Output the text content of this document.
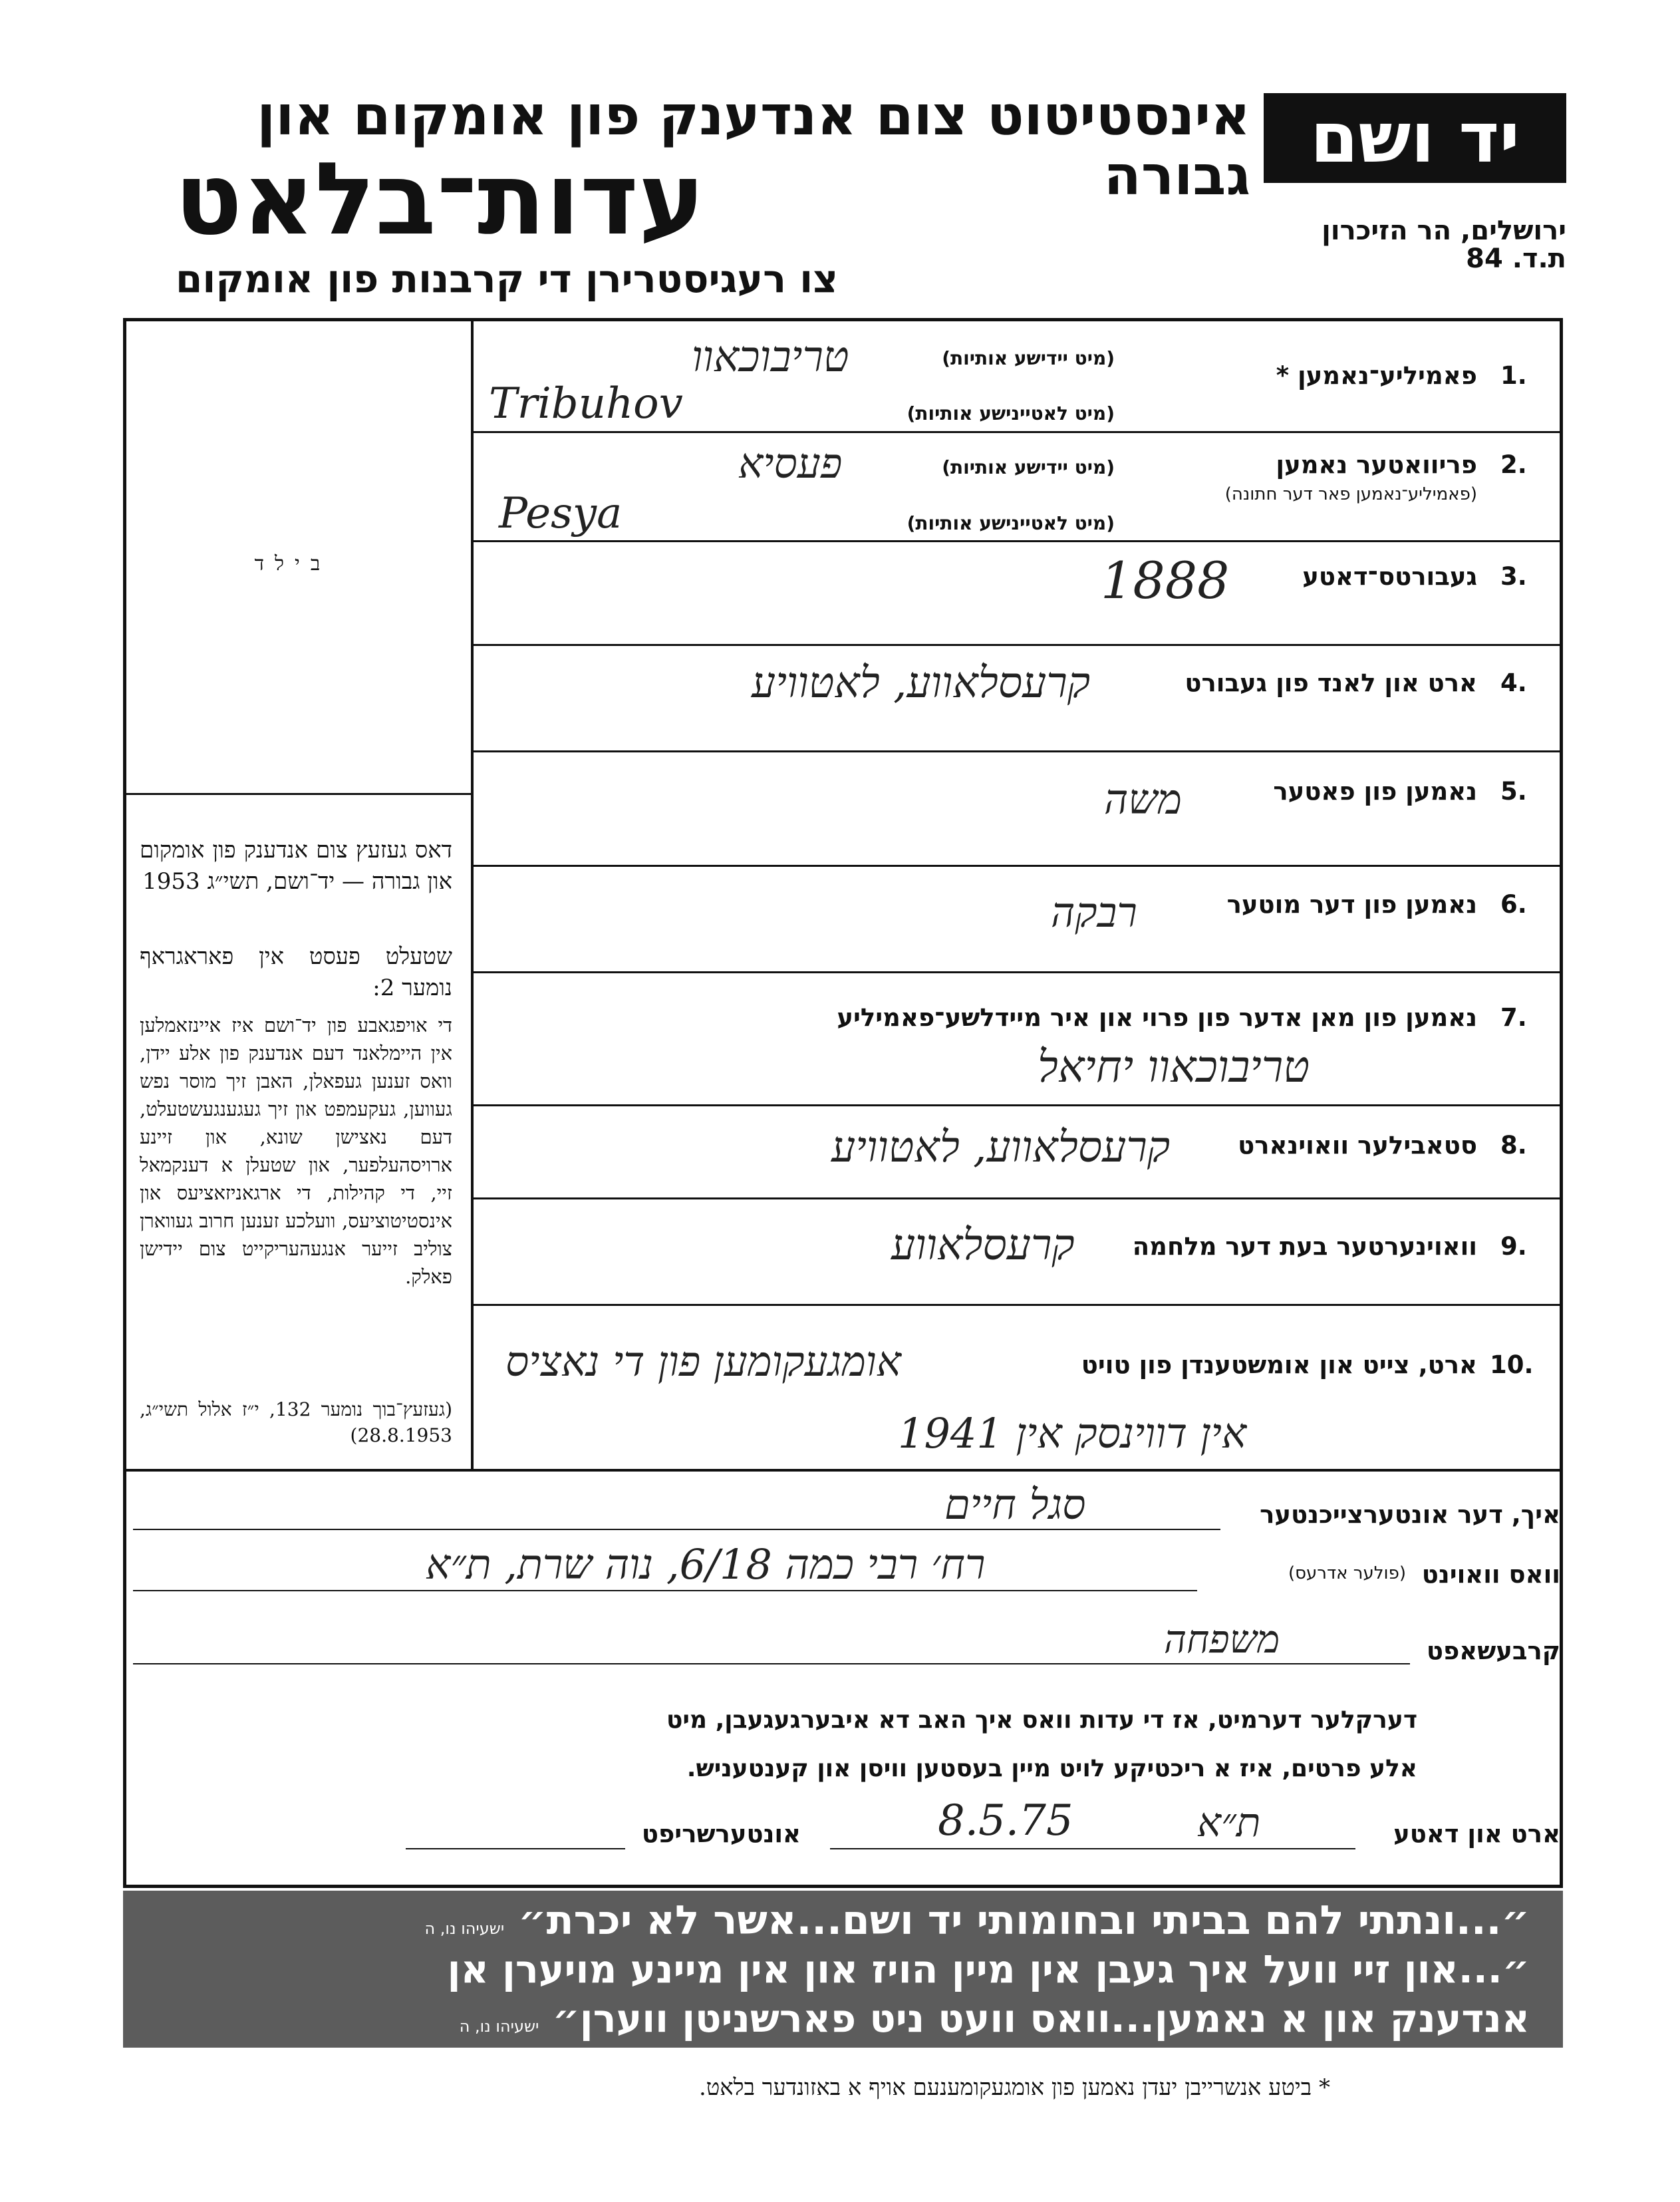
יד ושם
אינסטיטוט צום אנדענק פון אומקום און גבורה
עדות־בלאט
צו רעגיסטרירן די קרבנות פון אומקום
ירושלים, הר הזיכרון
ת.ד. 84
בילד
דאס געזעץ צום אנדענק פון אומקום און גבורה — יד־ושם, תשי״ג 1953
שטעלט פעסט אין פאראגראף נומער 2:
די אויפגאבע פון יד־ושם איז איינזאמלען אין היימלאנד דעם אנדענק פון אלע יידן, וואס זענען געפאלן, האבן זיך מוסר נפש געווען, געקעמפט און זיך געגענגעשטעלט, דעם נאצישן שונא, און זיינע ארויסהעלפער, און שטעלן א דענקמאל זיי, די קהילות, די ארגאניזאציעס און אינסטיטוציעס, וועלכע זענען חרוב געווארן צוליב זייער אנגעהעריקייט צום יידישן פאלק.
(געזעץ־בוך נומער 132, י״ז אלול תשי״ג, 28.8.1953)
1.
פאמיליע־נאמען *
(מיט יידישע אותיות)
טריבוכאוו
(מיט לאטיינישע אותיות)
Tribuhov
2.
פריוואטער נאמען
(פאמיליע־נאמען פאר דער חתונה)
(מיט יידישע אותיות)
פעסיא
(מיט לאטיינישע אותיות)
Pesya
3.
געבורטס־דאטע
1888
4.
ארט און לאנד פון געבורט
קרעסלאווע, לאטוויע
5.
נאמען פון פאטער
משה
6.
נאמען פון דער מוטער
רבקה
7.
נאמען פון מאן אדער פון פרוי און איר מיידלשע־פאמיליע
טריבוכאוו יחיאל
8.
סטאבילער וואוינארט
קרעסלאווע, לאטוויע
9.
וואוינערטער בעת דער מלחמה
קרעסלאווע
10.
ארט, צייט און אומשטענדן פון טויט
אומגעקומען פון די נאציס
אין דווינסק אין 1941
איך, דער אונטערצייכנטער
סגל חיים
וואס וואוינט
(פולער אדרעס)
רח׳ רבי כמה 6/18, נוה שרת, ת״א
קרבעשאפט
משפחה
דערקלער דערמיט, אז די עדות וואס איך האב דא איבערגעגעבן, מיט
אלע פרטים, איז א ריכטיקע לויט מיין בעסטען וויסן און קענטעניש.
ארט און דאטע
8.5.75	ת״א
אונטערשריפט
״...ונתתי להם בביתי ובחומותי יד ושם...אשר לא יכרת״ ישעיהו נו, ה
״...און זיי וועל איך געבן אין מיין הויז און אין מיינע מויערן אן
אנדענק און א נאמען...וואס וועט ניט פארשניטן ווערן״ ישעיהו נו, ה
* ביטע אנשרייבן יעדן נאמען פון אומגעקומענעם אויף א באזונדער בלאט.
